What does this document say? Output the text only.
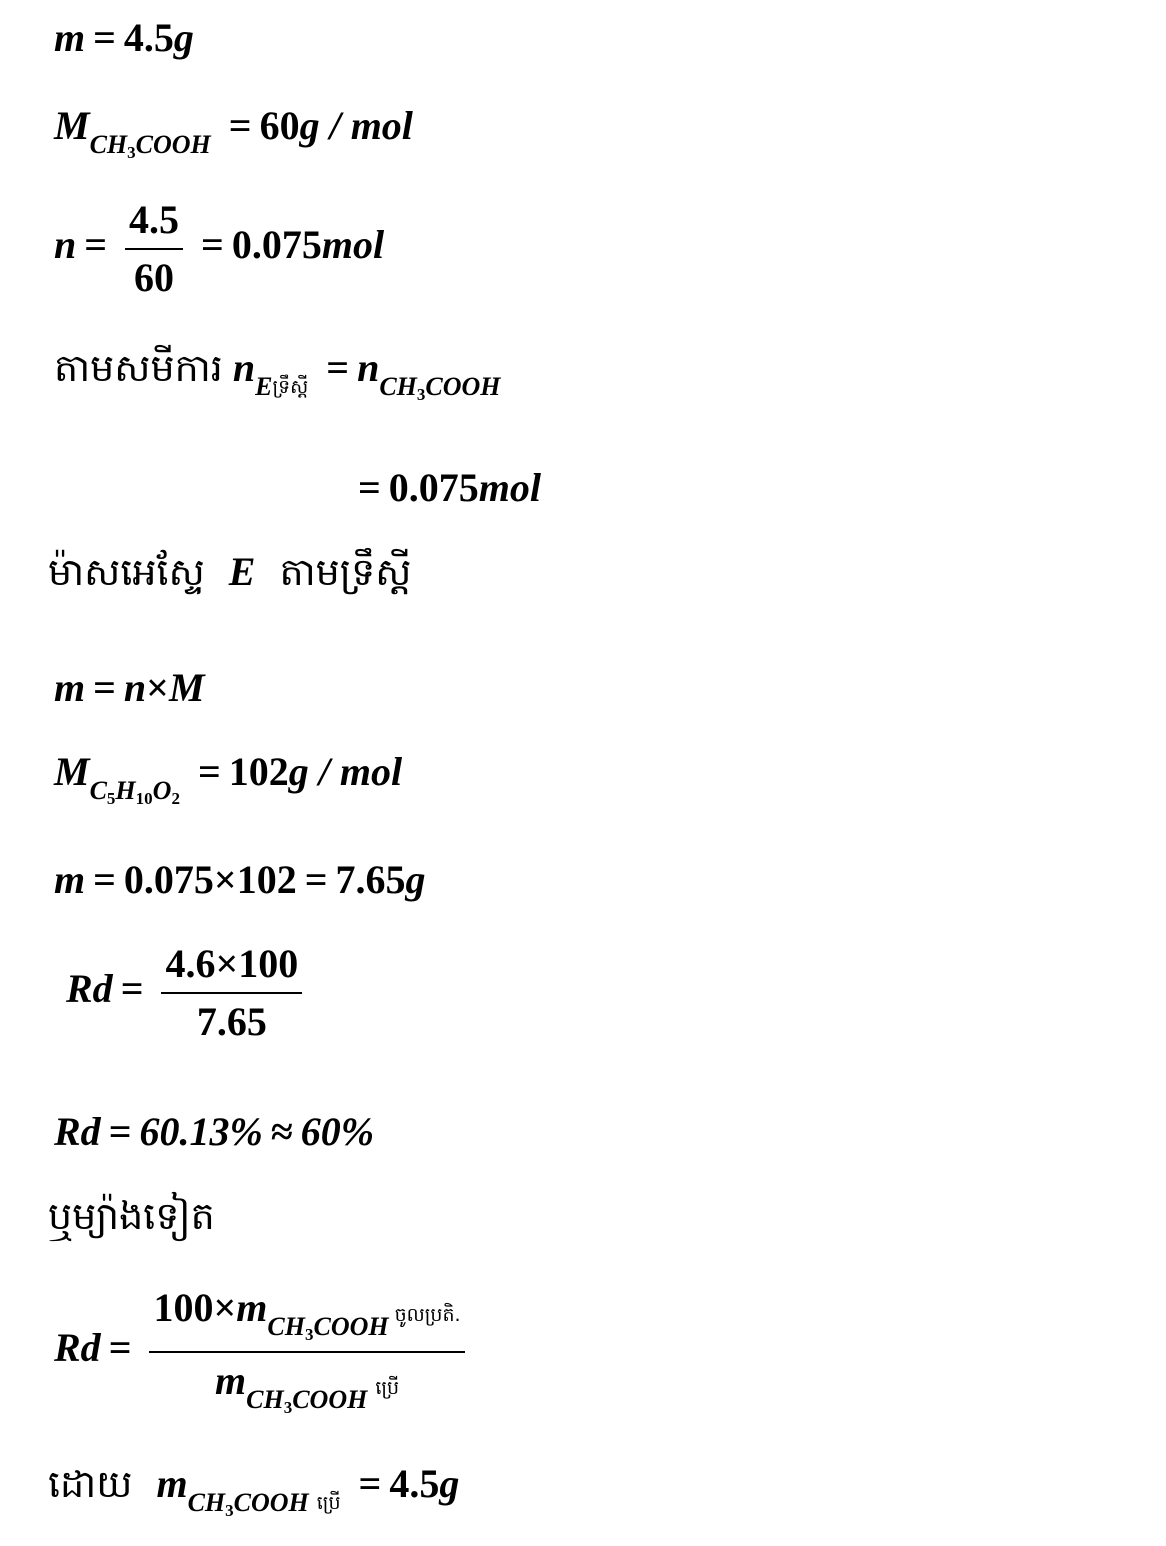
m = 4.5g
$M_{CH3COOH} = 60g$ / mol
$n = \frac{4.5}{60} = 0.075mol$
តាមសមីការ $n_{Eទ្រឹស្ដី} = n_{CH3COOH}$
= 0.075mol
ម៉ាសអេស្ទែ E តាមទ្រឹស្ដី
m = n×M
$M_{C5H10O2} = 102g$ / mol
m = 0.075×102 = 7.65g
$Rd = \frac{4.6\times 100}{7.65}$
Rd = 60.13% ≈ 60%
ឬម្យ៉ាងទៀត
$Rd = \frac{100\times m_{CH3COOH} ចូលប្រតិ.}{m_{CH3COOH} ប្រើ}$
ដោយ $m_{CH3COOH}$ $_{ប្រើ}$ = 4.5g
